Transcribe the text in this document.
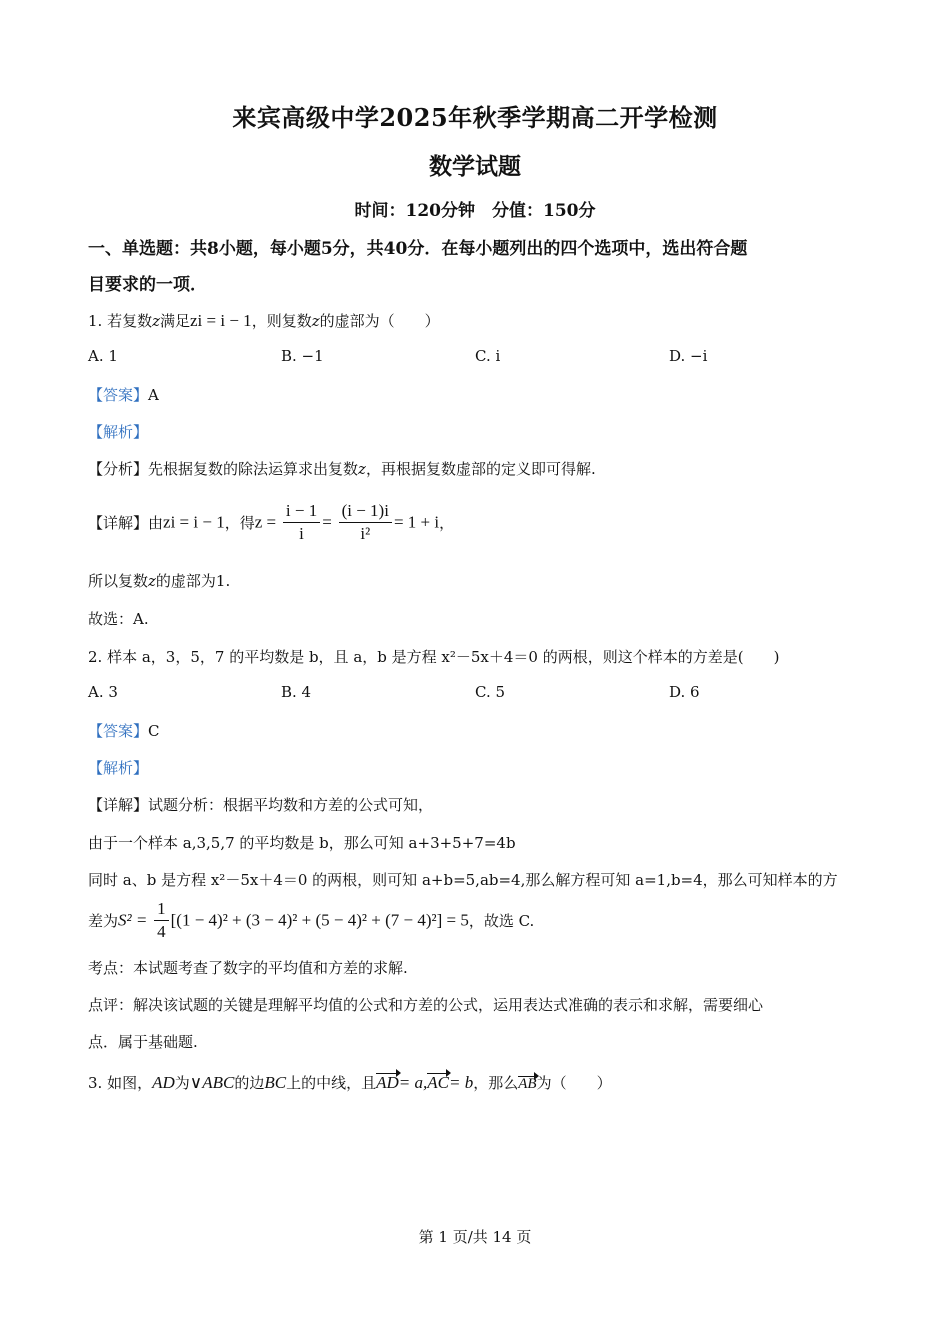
来宾高级中学2025年秋季学期高二开学检测
数学试题
时间：120分钟　分值：150分
一、单选题：共8小题，每小题5分，共40分．在每小题列出的四个选项中，选出符合题
目要求的一项．
1. 若复数z满足zi = i − 1，则复数z的虚部为（　　）
A. 1	B. −1	C. i	D. −i
【答案】A
【解析】
【分析】先根据复数的除法运算求出复数z，再根据复数虚部的定义即可得解.
【详解】由zi = i − 1，得$z = \frac{i - 1}{i} = \frac{(i - 1)i}{\text{i²}} = 1 + i$，
所以复数z的虚部为1.
故选：A.
2. 样本 a，3，5，7 的平均数是 b，且 a，b 是方程 x²－5x＋4＝0 的两根，则这个样本的方差是(　　)
A. 3	B. 4	C. 5	D. 6
【答案】C
【解析】
【详解】试题分析：根据平均数和方差的公式可知，
由于一个样本 a,3,5,7 的平均数是 b，那么可知 a+3+5+7=4b
同时 a、b 是方程 x²－5x＋4＝0 的两根，则可知 a+b=5,ab=4,那么解方程可知 a=1,b=4，那么可知样本的方
差为$S^2 = \frac{1}{4} [(1 - 4)^2 + (3 - 4)^2 + (5 - 4)^2 + (7 - 4)^2] = 5$，故选 C.
考点：本试题考查了数字的平均值和方差的求解.
点评：解决该试题的关键是理解平均值的公式和方差的公式，运用表达式准确的表示和求解，需要细心
点．属于基础题.
3. 如图，AD为∨ABC的边BC上的中线，且AD= a,AC= b，那么AB为（　　）
第 1 页/共 14 页
